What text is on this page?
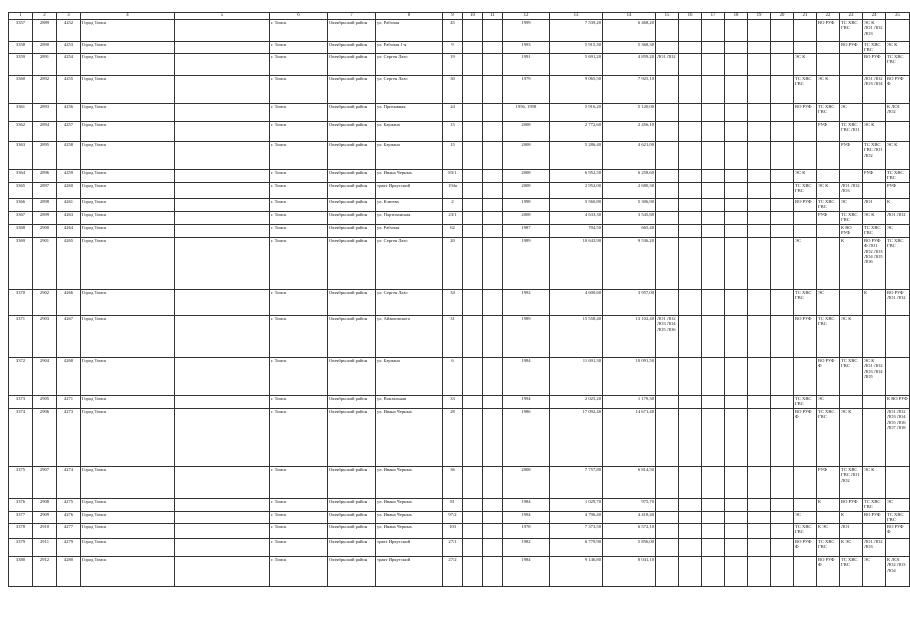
1	2	3	4	5	6	7	8	9	10	11	12	13	14	15	16	17	18	19	20	21	22	23	24	25
3357	2889	4252	Город Томск		г. Томск	Октябрьский район	ул. Рабочая	45			1999	7 539,20	6 468,20								ВО РУФ	ТС ХВС ГВС	ЭС К ЛО1 ЛО2 ЛО3	
3358	2890	4253	Город Томск		г. Томск	Октябрьский район	ул. Рабочая 1-я	9			1993	5 915,30	5 368,30									ВО РУФ	ТС ХВС ГВС	ЭС К
3359	2891	4254	Город Томск		г. Томск	Октябрьский район	ул. Сергея Лазо	19			1991	5 691,20	4 859,20	ЛО1 ЛО2						ЭС К			ВО РУФ	ТС ХВС ГВС
3360	2892	4255	Город Томск		г. Томск	Октябрьский район	ул. Сергея Лазо	30			1979	9 065,50	7 925,10							ТС ХВС ГВС	ЭС К		ЛО1 ЛО2 ЛО3 ЛО4	ВО РУФ Ф
3361	2893	4256	Город Томск		г. Томск	Октябрьский район	ул. Призывная	24			1956, 1958	5 916,20	5 120,00							ВО РУФ	ТС ХВС ГВС	ЭС		К ЛО1 ЛО2
3362	2894	4257	Город Томск		г. Томск	Октябрьский район	ул. Баумана	15			2008	2 772,60	2 456,10								РУФ	ТС ХВС ГВС ЛО1	ЭС К	
3363	2895	4258	Город Томск		г. Томск	Октябрьский район	ул. Баумана	15			2008	5 286,40	4 621,00									РУФ	ТС ХВС ГВС ЛО1 ЛО2	ЭС К
3364	2896	4259	Город Томск		г. Томск	Октябрьский район	ул. Ивана Черных	83/1			2008	6 952,50	6 258,60							ЭС К			РУФ	ТС ХВС ГВС
3365	2897	4260	Город Томск		г. Томск	Октябрьский район	тракт Иркутский	194а			2008	2 952,00	2 680,30							ТС ХВС ГВС	ЭС К	ЛО1 ЛО2 ЛО3		РУФ
3366	2898	4261	Город Томск		г. Томск	Октябрьский район	ул. Клюева	2			1998	5 560,80	5 306,90							ВО РУФ	ТС ХВС ГВС	ЭС	ЛО1	К
3367	2899	4263	Город Томск		г. Томск	Октябрьский район	ул. Партизанская	23/1			2008	4 633,30	3 545,80								РУФ	ТС ХВС ГВС	ЭС К	ЛО1 ЛО2
3368	2900	4264	Город Томск		г. Томск	Октябрьский район	ул. Рабочая	62			1987	704,50	665,40									К ВО РУФ	ТС ХВС ГВС	ЭС
3369	2901	4265	Город Томск		г. Томск	Октябрьский район	ул. Сергея Лазо	20			1989	10 643,90	9 536,20							ЭС		К	ВО РУФ Ф ЛО1 ЛО2 ЛО3 ЛО4 ЛО5 ЛО6	ТС ХВС ГВС
3370	2902	4266	Город Томск		г. Томск	Октябрьский район	ул. Сергея Лазо	34			1992	4 600,60	3 957,00							ТС ХВС ГВС	ЭС		К	ВО РУФ ЛО1 ЛО2
3371	2903	4267	Город Томск		г. Томск	Октябрьский район	ул. Айвазовского	31			1989	15 558,40	13 102,40	ЛО1 ЛО2 ЛО3 ЛО4 ЛО5 ЛО6						ВО РУФ	ТС ХВС ГВС	ЭС К		
3372	2904	4268	Город Томск		г. Томск	Октябрьский район	ул. Баумана	6			1984	11 691,30	10 091,50								ВО РУФ Ф	ТС ХВС ГВС	ЭС К ЛО1 ЛО2 ЛО3 ЛО4 ЛО5	
3373	2905	4271	Город Томск		г. Томск	Октябрьский район	ул. Вокзальная	33			1994	2 025,20	1 179,30							ТС ХВС ГВС	ЭС			К ВО РУФ
3374	2906	4273	Город Томск		г. Томск	Октябрьский район	ул. Ивана Черных	28			1986	17 092,40	14 671,40							ВО РУФ Ф	ТС ХВС ГВС	ЭС К		ЛО1 ЛО2 ЛО3 ЛО4 ЛО5 ЛО6 ЛО7 ЛО8
3375	2907	4274	Город Томск		г. Томск	Октябрьский район	ул. Ивана Черных	36			2008	7 757,80	6 814,50								РУФ	ТС ХВС ГВС ЛО1 ЛО2	ЭС К	
3376	2908	4275	Город Томск		г. Томск	Октябрьский район	ул. Ивана Черных	81			1984	1 029,70	975,70								К	ВО РУФ	ТС ХВС ГВС	ЭС
3377	2909	4276	Город Томск		г. Томск	Октябрьский район	ул. Ивана Черных	97/2			1994	4 796,40	4 418,40							ЭС		К	ВО РУФ	ТС ХВС ГВС
3378	2910	4277	Город Томск		г. Томск	Октябрьский район	ул. Ивана Черных	103			1978	7 373,50	6 572,10							ТС ХВС ГВС	К ЭС	ЛО1		ВО РУФ Ф
3379	2911	4279	Город Томск		г. Томск	Октябрьский район	тракт Иркутский	27/1			1982	6 779,90	5 856,00							ВО РУФ Ф	ТС ХВС ГВС	К ЭС	ЛО1 ЛО2 ЛО3	
3380	2912	4280	Город Томск		г. Томск	Октябрьский район	тракт Иркутский	27/2			1984	9 146,80	8 041,10								ВО РУФ Ф	ТС ХВС ГВС	ЭС	К ЛО1 ЛО2 ЛО3 ЛО4
